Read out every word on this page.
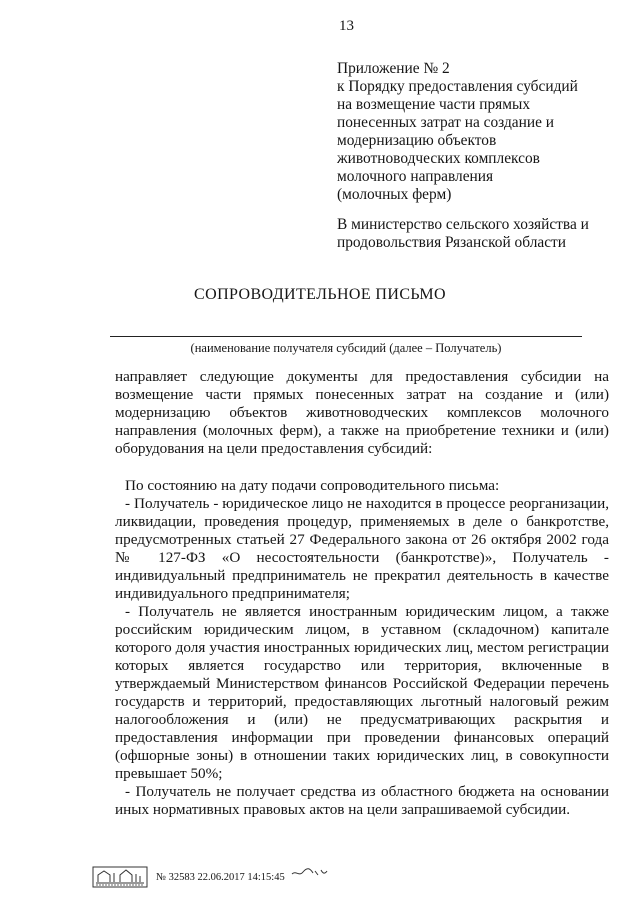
13
Приложение № 2
к Порядку предоставления субсидий
на возмещение части прямых
понесенных затрат на создание и
модернизацию объектов
животноводческих комплексов
молочного направления
(молочных ферм)
В министерство сельского хозяйства и
продовольствия Рязанской области
СОПРОВОДИТЕЛЬНОЕ ПИСЬМО
(наименование получателя субсидий (далее – Получатель)

направляет следующие документы для предоставления субсидии на возмещение части прямых понесенных затрат на создание и (или) модернизацию объектов животноводческих комплексов молочного направления (молочных ферм), а также на приобретение техники и (или) оборудования на цели предоставления субсидий:

По состоянию на дату подачи сопроводительного письма:

- Получатель - юридическое лицо не находится в процессе реорганизации, ликвидации, проведения процедур, применяемых в деле о банкротстве, предусмотренных статьей 27 Федерального закона от 26 октября 2002 года № 127-ФЗ «О несостоятельности (банкротстве)», Получатель - индивидуальный предприниматель не прекратил деятельность в качестве индивидуального предпринимателя;

- Получатель не является иностранным юридическим лицом, а также российским юридическим лицом, в уставном (складочном) капитале которого доля участия иностранных юридических лиц, местом регистрации которых является государство или территория, включенные в утверждаемый Министерством финансов Российской Федерации перечень государств и территорий, предоставляющих льготный налоговый режим налогообложения и (или) не предусматривающих раскрытия и предоставления информации при проведении финансовых операций (офшорные зоны) в отношении таких юридических лиц, в совокупности превышает 50%;

- Получатель не получает средства из областного бюджета на основании иных нормативных правовых актов на цели запрашиваемой субсидии.

№ 32583 22.06.2017 14:15:45
